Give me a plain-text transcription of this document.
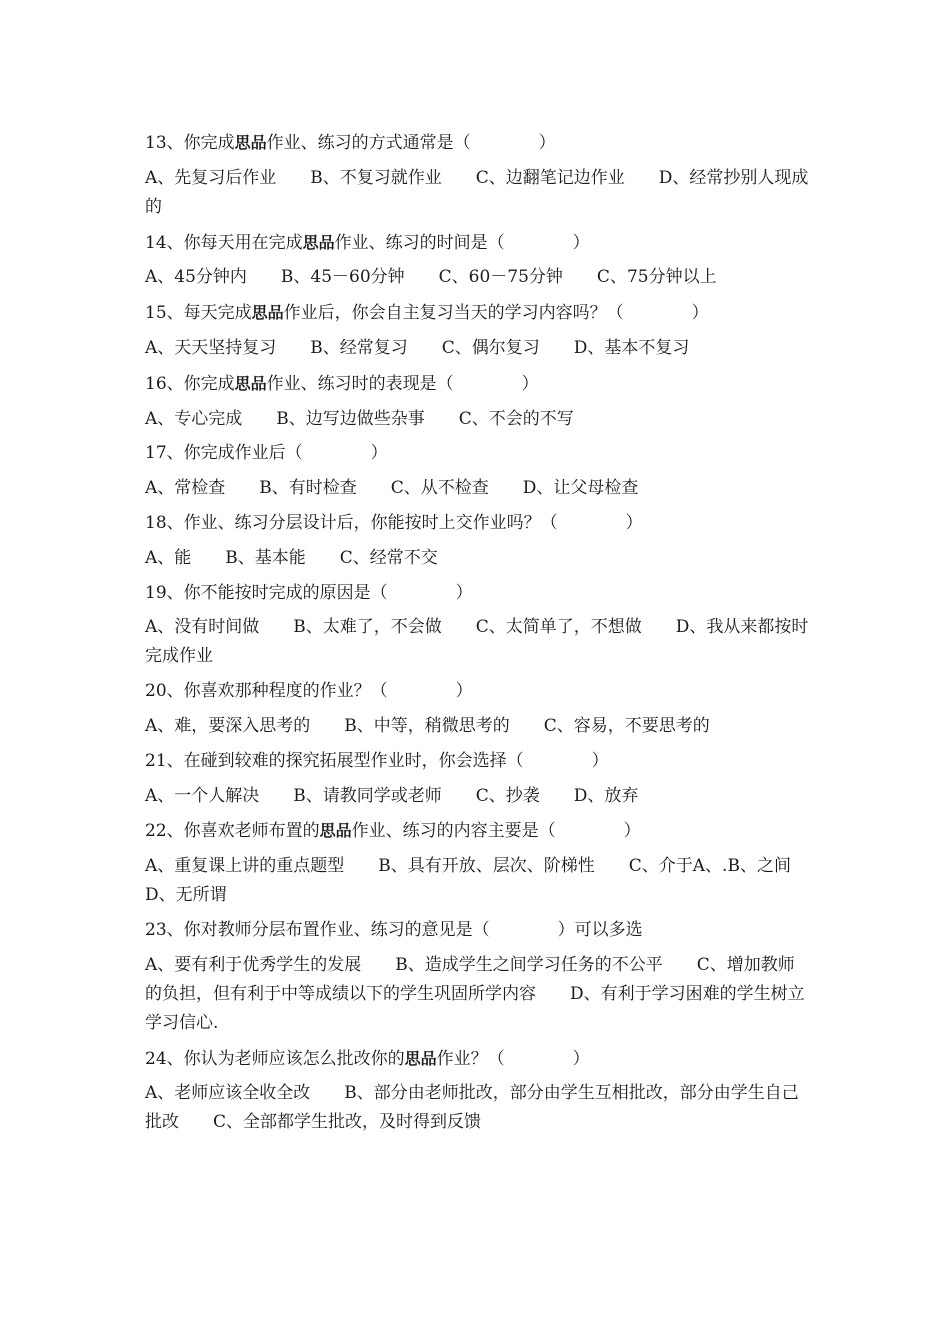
13、你完成思品作业、练习的方式通常是（　　　　）
A、先复习后作业　　B、不复习就作业　　C、边翻笔记边作业　　D、经常抄别人现成的
14、你每天用在完成思品作业、练习的时间是（　　　　）
A、45分钟内　　B、45－60分钟　　C、60－75分钟　　C、75分钟以上
15、每天完成思品作业后，你会自主复习当天的学习内容吗？（　　　　）
A、天天坚持复习　　B、经常复习　　C、偶尔复习　　D、基本不复习
16、你完成思品作业、练习时的表现是（　　　　）
A、专心完成　　B、边写边做些杂事　　C、不会的不写
17、你完成作业后（　　　　）
A、常检查　　B、有时检查　　C、从不检查　　D、让父母检查
18、作业、练习分层设计后，你能按时上交作业吗？（　　　　）
A、能　　B、基本能　　C、经常不交
19、你不能按时完成的原因是（　　　　）
A、没有时间做　　B、太难了，不会做　　C、太简单了，不想做　　D、我从来都按时完成作业
20、你喜欢那种程度的作业？（　　　　）
A、难，要深入思考的　　B、中等，稍微思考的　　C、容易，不要思考的
21、在碰到较难的探究拓展型作业时，你会选择（　　　　）
A、一个人解决　　B、请教同学或老师　　C、抄袭　　D、放弃
22、你喜欢老师布置的思品作业、练习的内容主要是（　　　　）
A、重复课上讲的重点题型　　B、具有开放、层次、阶梯性　　C、介于A、.B、之间　　D、无所谓
23、你对教师分层布置作业、练习的意见是（　　　　）可以多选
A、要有利于优秀学生的发展　　B、造成学生之间学习任务的不公平　　C、增加教师的负担，但有利于中等成绩以下的学生巩固所学内容　　D、有利于学习困难的学生树立学习信心.
24、你认为老师应该怎么批改你的思品作业？（　　　　）
A、老师应该全收全改　　B、部分由老师批改，部分由学生互相批改，部分由学生自己批改　　C、全部都学生批改，及时得到反馈
